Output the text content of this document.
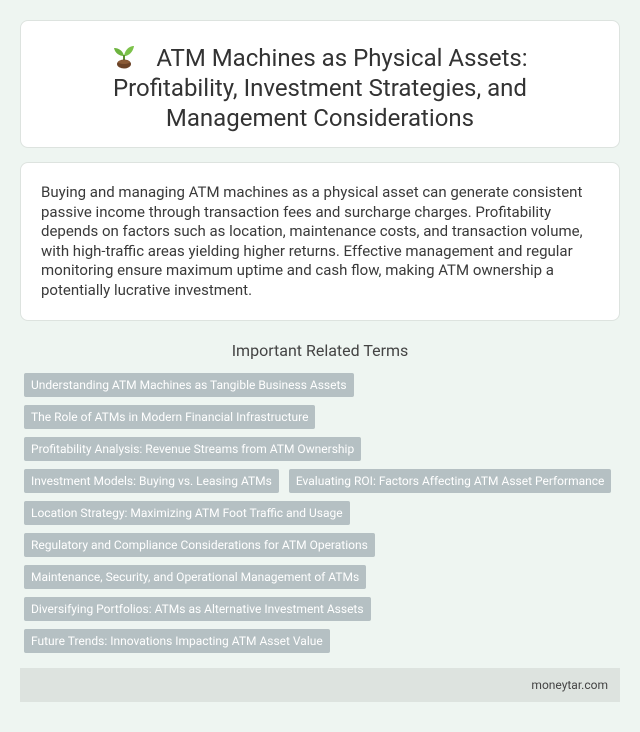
ATM Machines as Physical Assets: Profitability, Investment Strategies, and Management Considerations

Buying and managing ATM machines as a physical asset can generate consistent passive income through transaction fees and surcharge charges. Profitability depends on factors such as location, maintenance costs, and transaction volume, with high-traffic areas yielding higher returns. Effective management and regular monitoring ensure maximum uptime and cash flow, making ATM ownership a potentially lucrative investment.

Important Related Terms
Understanding ATM Machines as Tangible Business Assets
The Role of ATMs in Modern Financial Infrastructure
Profitability Analysis: Revenue Streams from ATM Ownership
Investment Models: Buying vs. Leasing ATMs Evaluating ROI: Factors Affecting ATM Asset Performance
Location Strategy: Maximizing ATM Foot Traffic and Usage
Regulatory and Compliance Considerations for ATM Operations
Maintenance, Security, and Operational Management of ATMs
Diversifying Portfolios: ATMs as Alternative Investment Assets
Future Trends: Innovations Impacting ATM Asset Value
moneytar.com
